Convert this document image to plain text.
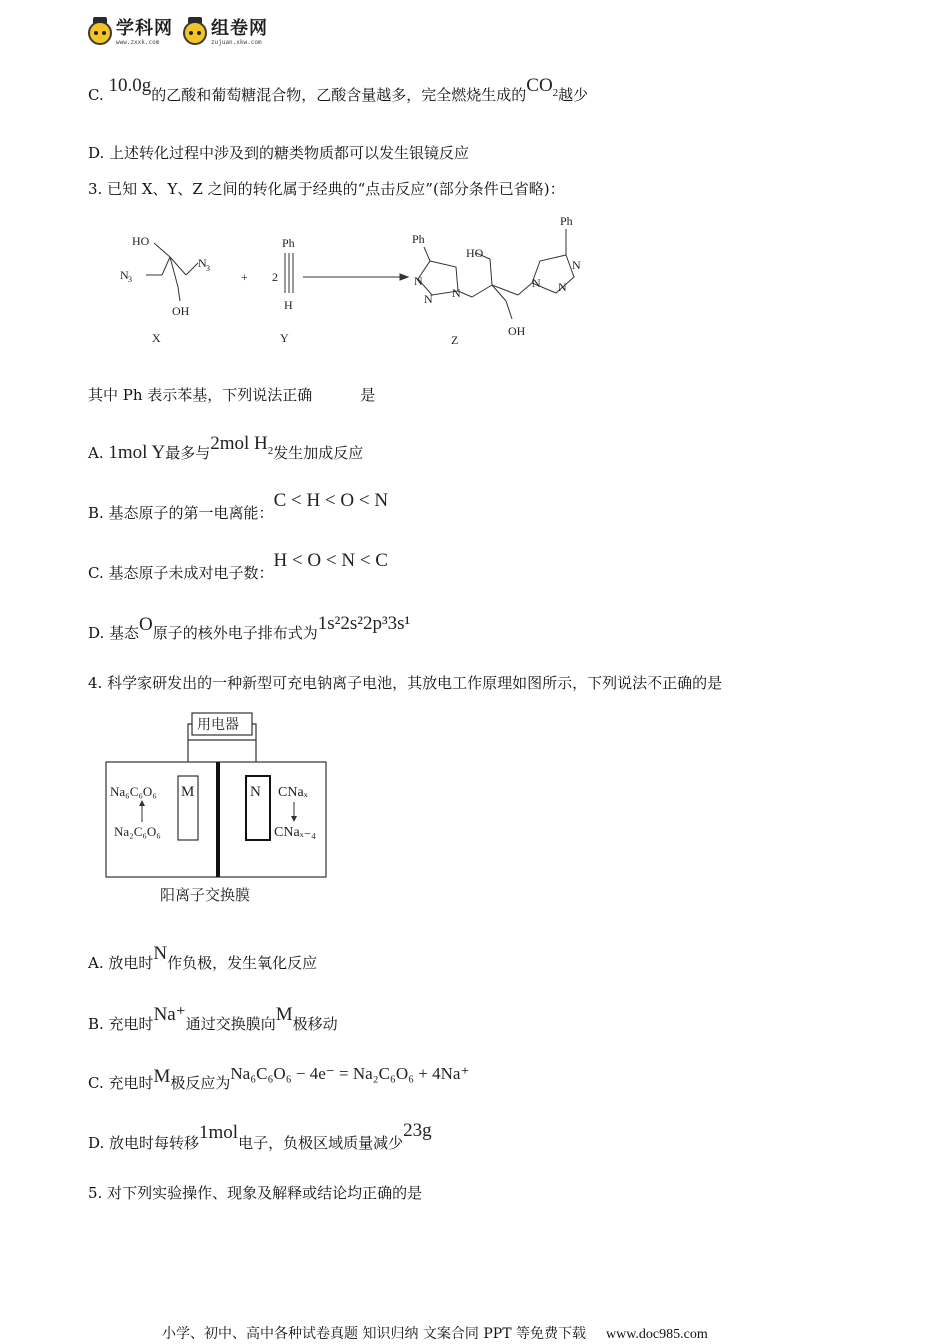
学科网
www.zxxk.com
组卷网
zujuan.xkw.com
C. 10.0g的乙酸和葡萄糖混合物，乙酸含量越多，完全燃烧生成的$CO_2$越少
D. 上述转化过程中涉及到的糖类物质都可以发生银镜反应
3. 已知 X、Y、Z 之间的转化属于经典的“点击反应”(部分条件已省略)：
HO
N 3
N 3
OH
X
+ 2
Ph
H
Y
Ph
N
N N
HO
OH
N N
N
Ph
Z
其中 Ph 表示苯基，下列说法正确	是
A. 1mol Y最多与2mol $H_2$发生加成反应
B. 基态原子的第一电离能：C < H < O < N
C. 基态原子未成对电子数：H < O < N < C
D. 基态O原子的核外电子排布式为1s²2s²2p³3s¹
4. 科学家研发出的一种新型可充电钠离子电池，其放电工作原理如图所示，下列说法不正确的是
用电器
M	N
Na₆C₆O₆
Na₂C₆O₆
CNaₓ
CNaₓ₋₄
阳离子交换膜
A. 放电时N作负极，发生氧化反应
B. 充电时Na⁺通过交换膜向M极移动
C. 充电时M极反应为Na₆C₆O₆ − 4e⁻ = Na₂C₆O₆ + 4Na⁺
D. 放电时每转移1mol电子，负极区域质量减少23g
5. 对下列实验操作、现象及解释或结论均正确的是
小学、初中、高中各种试卷真题 知识归纳 文案合同 PPT 等免费下载 www.doc985.com
